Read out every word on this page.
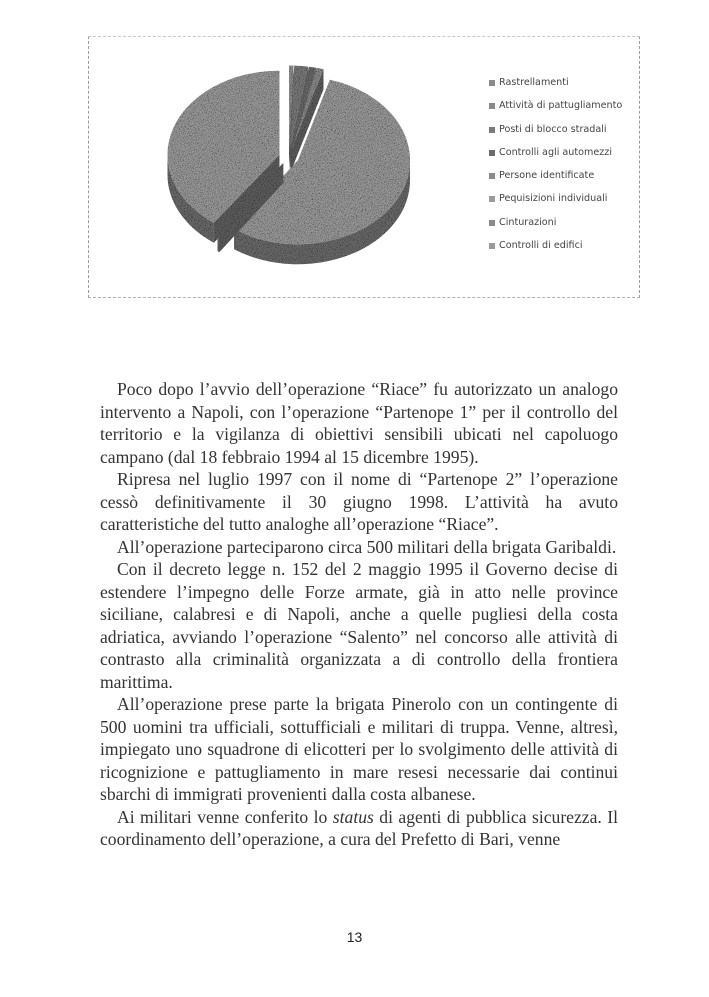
Rastrellamenti
Attività di pattugliamento
Posti di blocco stradali
Controlli agli automezzi
Persone identificate
Pequisizioni individuali
Cinturazioni
Controlli di edifici

Poco dopo l’avvio dell’operazione “Riace” fu autorizzato un analogo intervento a Napoli, con l’operazione “Partenope 1” per il controllo del territorio e la vigilanza di obiettivi sensibili ubicati nel capoluogo campano (dal 18 febbraio 1994 al 15 dicembre 1995).

Ripresa nel luglio 1997 con il nome di “Partenope 2” l’operazione cessò definitivamente il 30 giugno 1998. L’attività ha avuto caratteristiche del tutto analoghe all’operazione “Riace”.

All’operazione parteciparono circa 500 militari della brigata Garibaldi.

Con il decreto legge n. 152 del 2 maggio 1995 il Governo decise di estendere l’impegno delle Forze armate, già in atto nelle province siciliane, calabresi e di Napoli, anche a quelle pugliesi della costa adriatica, avviando l’operazione “Salento” nel concorso alle attività di contrasto alla criminalità organizzata a di controllo della frontiera marittima.

All’operazione prese parte la brigata Pinerolo con un contingente di 500 uomini tra ufficiali, sottufficiali e militari di truppa. Venne, altresì, impiegato uno squadrone di elicotteri per lo svolgimento delle attività di ricognizione e pattugliamento in mare resesi necessarie dai continui sbarchi di immigrati provenienti dalla costa albanese.

Ai militari venne conferito lo status di agenti di pubblica sicurezza. Il coordinamento dell’operazione, a cura del Prefetto di Bari, venne

13
